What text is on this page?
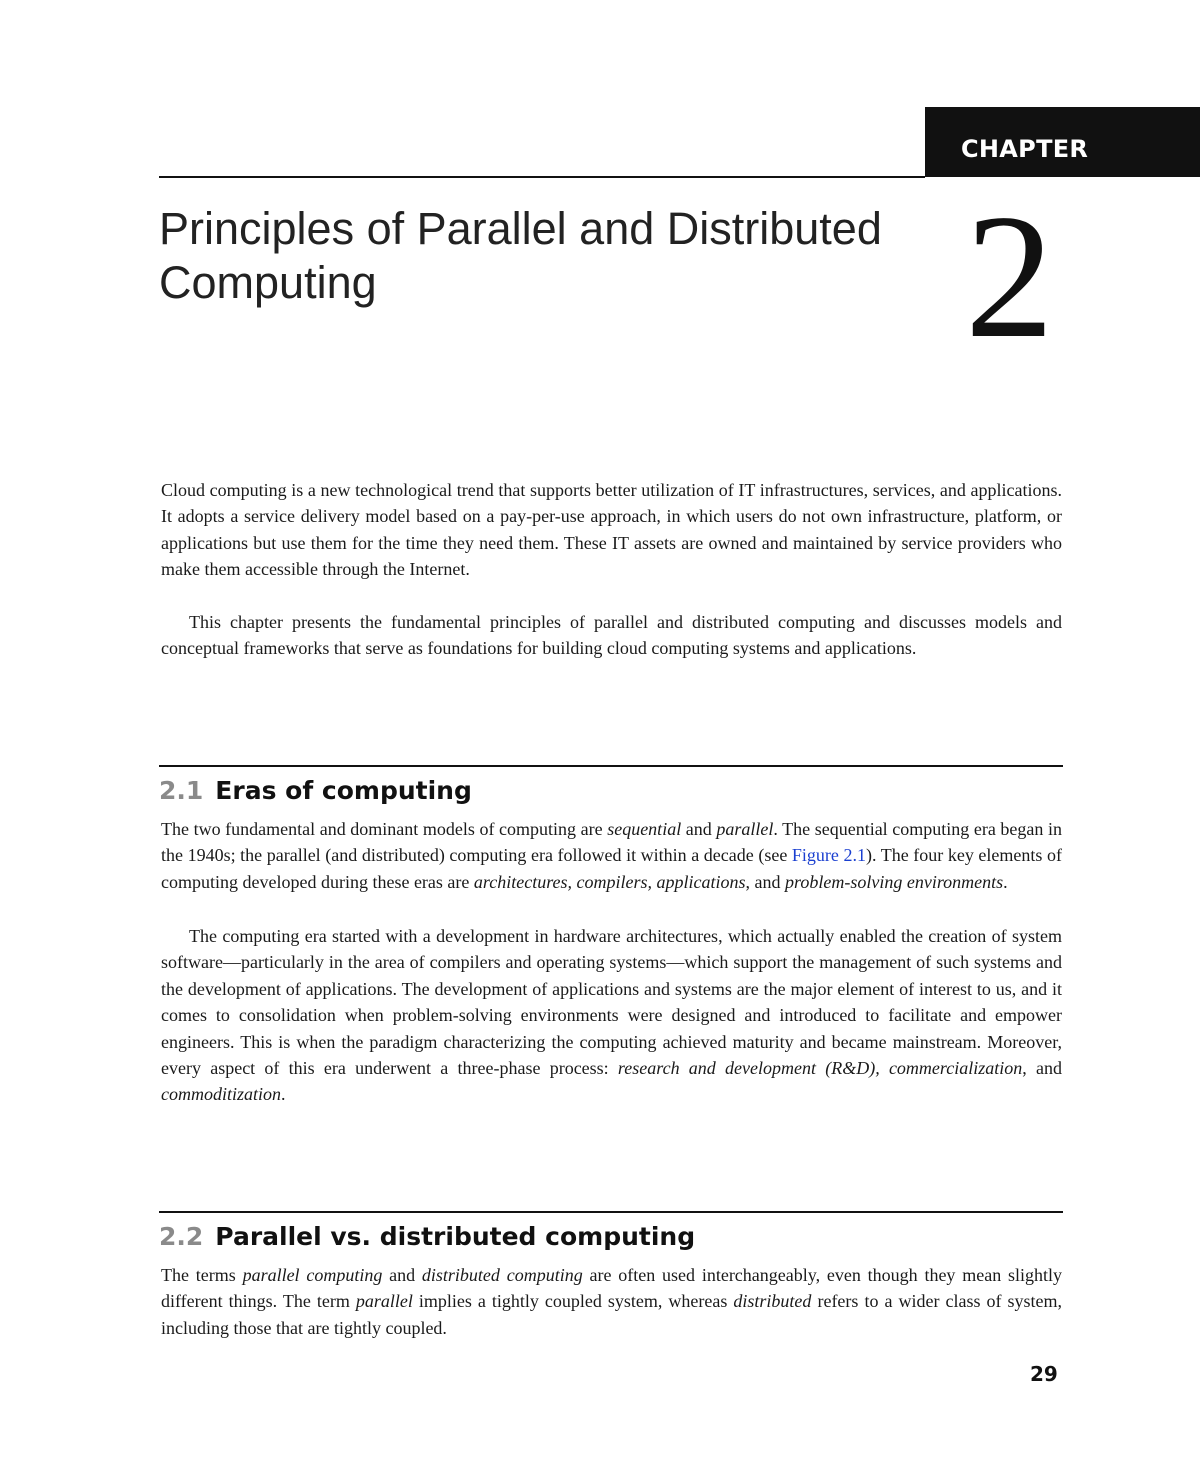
CHAPTER
Principles of Parallel and Distributed Computing	2

Cloud computing is a new technological trend that supports better utilization of IT infrastructures, services, and applications. It adopts a service delivery model based on a pay-per-use approach, in which users do not own infrastructure, platform, or applications but use them for the time they need them. These IT assets are owned and maintained by service providers who make them accessible through the Internet.

This chapter presents the fundamental principles of parallel and distributed computing and discusses models and conceptual frameworks that serve as foundations for building cloud computing systems and applications.

2.1 Eras of computing

The two fundamental and dominant models of computing are sequential and parallel. The sequential computing era began in the 1940s; the parallel (and distributed) computing era followed it within a decade (see Figure 2.1). The four key elements of computing developed during these eras are architectures, compilers, applications, and problem-solving environments.

The computing era started with a development in hardware architectures, which actually enabled the creation of system software—particularly in the area of compilers and operating systems—which support the management of such systems and the development of applications. The development of applications and systems are the major element of interest to us, and it comes to consolidation when problem-solving environments were designed and introduced to facilitate and empower engineers. This is when the paradigm characterizing the computing achieved maturity and became mainstream. Moreover, every aspect of this era underwent a three-phase process: research and development (R&D), commercialization, and commoditization.

2.2 Parallel vs. distributed computing

The terms parallel computing and distributed computing are often used interchangeably, even though they mean slightly different things. The term parallel implies a tightly coupled system, whereas distributed refers to a wider class of system, including those that are tightly coupled.

29
